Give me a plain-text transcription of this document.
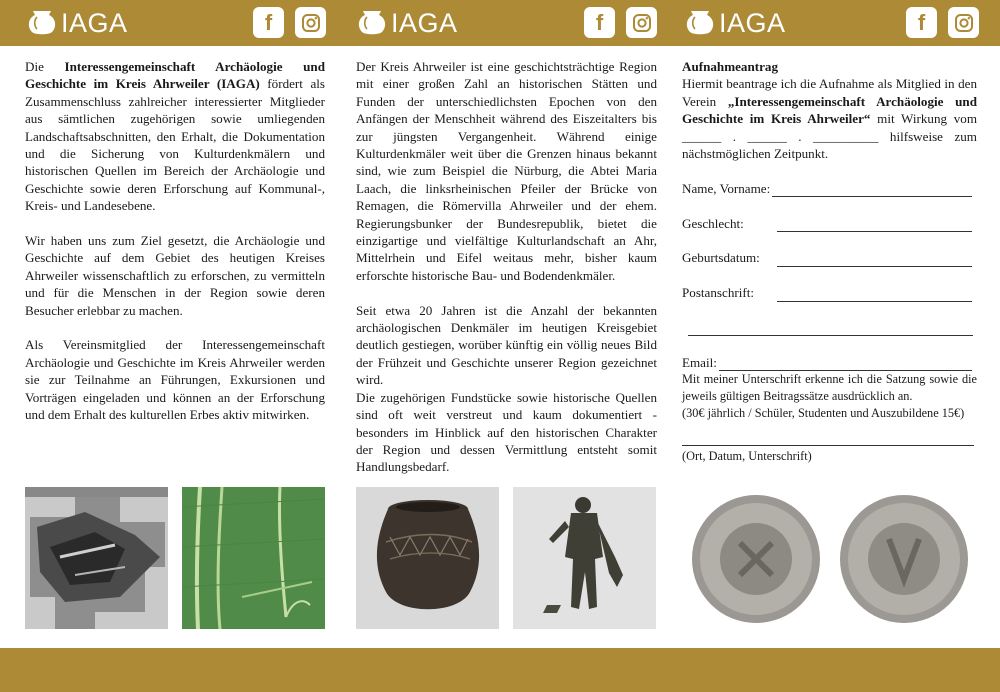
IAGA	IAGA	IAGA
f	f	f

Die Interessengemeinschaft Archäologie und Geschichte im Kreis Ahrweiler (IAGA) fördert als Zusammenschluss zahlreicher interessierter Mitglieder aus sämtlichen zugehörigen sowie umliegenden Landschaftsabschnitten, den Erhalt, die Dokumentation und die Sicherung von Kulturdenkmälern und historischen Quellen im Bereich der Archäologie und Geschichte sowie deren Erforschung auf Kommunal-, Kreis- und Landesebene.

Wir haben uns zum Ziel gesetzt, die Archäologie und Geschichte auf dem Gebiet des heutigen Kreises Ahrweiler wissenschaftlich zu erforschen, zu vermitteln und für die Menschen in der Region sowie deren Besucher erlebbar zu machen.

Als Vereinsmitglied der Interessengemeinschaft Archäologie und Geschichte im Kreis Ahrweiler werden sie zur Teilnahme an Führungen, Exkursionen und Vorträgen eingeladen und können an der Erforschung und dem Erhalt des kulturellen Erbes aktiv mitwirken.

Der Kreis Ahrweiler ist eine geschichtsträchtige Region mit einer großen Zahl an historischen Stätten und Funden der unterschiedlichsten Epochen von den Anfängen der Menschheit während des Eiszeitalters bis zur jüngsten Vergangenheit. Während einige Kulturdenkmäler weit über die Grenzen hinaus bekannt sind, wie zum Beispiel die Nürburg, die Abtei Maria Laach, die linksrheinischen Pfeiler der Brücke von Remagen, die Römervilla Ahrweiler und der ehem. Regierungsbunker der Bundesrepublik, bietet die einzigartige und vielfältige Kulturlandschaft an Ahr, Mittelrhein und Eifel weitaus mehr, bisher kaum erforschte historische Bau- und Bodendenkmäler.

Seit etwa 20 Jahren ist die Anzahl der bekannten archäologischen Denkmäler im heutigen Kreisgebiet deutlich gestiegen, worüber künftig ein völlig neues Bild der Frühzeit und Geschichte unserer Region gezeichnet wird.

Die zugehörigen Fundstücke sowie historische Quellen sind oft weit verstreut und kaum dokumentiert - besonders im Hinblick auf den historischen Charakter der Region und dessen Vermittlung entsteht somit Handlungsbedarf.

Aufnahmeantrag

Hiermit beantrage ich die Aufnahme als Mitglied in den Verein „Interessengemeinschaft Archäologie und Geschichte im Kreis Ahrweiler“ mit Wirkung vom ______ . ______ . __________ hilfsweise zum nächstmöglichen Zeitpunkt.

Name, Vorname:
Geschlecht:
Geburtsdatum:
Postanschrift:
Email:

Mit meiner Unterschrift erkenne ich die Satzung sowie die jeweils gültigen Beitragssätze ausdrücklich an.

(30€ jährlich / Schüler, Studenten und Auszubildene 15€)

(Ort, Datum, Unterschrift)
